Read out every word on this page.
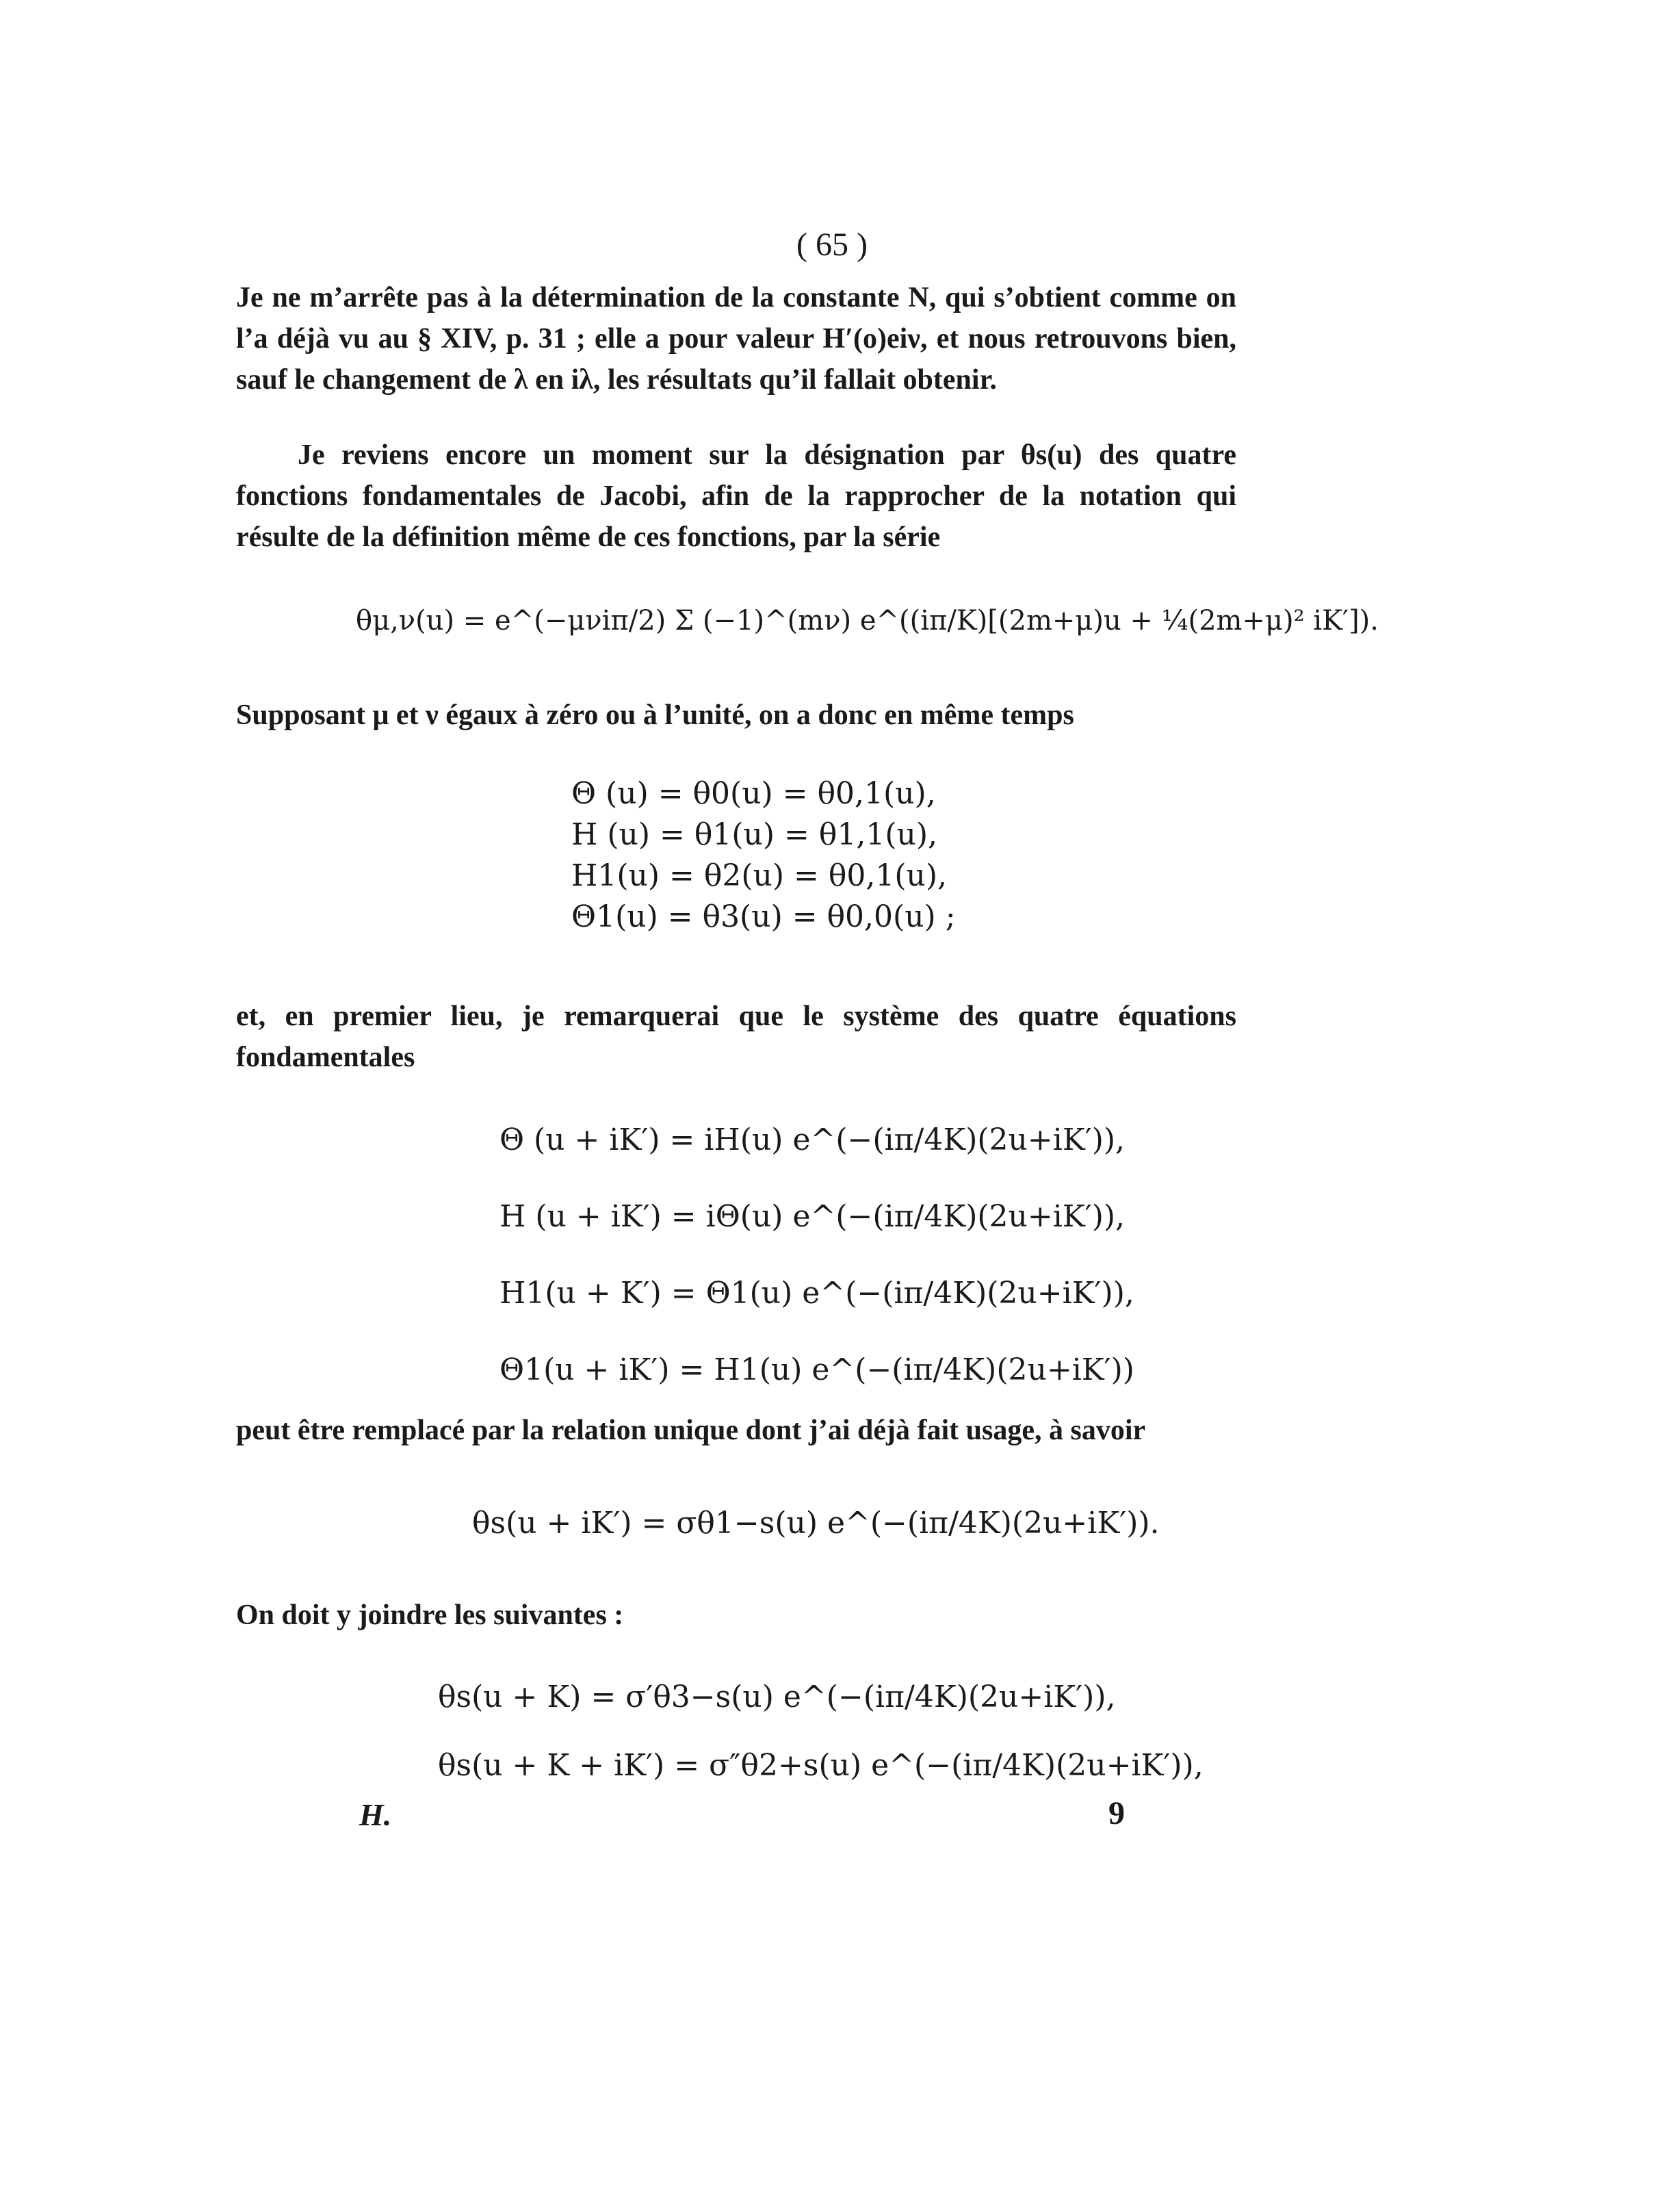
( 65 )
Je ne m’arrête pas à la détermination de la constante N, qui s’obtient comme on l’a déjà vu au § XIV, p. 31 ; elle a pour valeur H′(o)eiν, et nous retrouvons bien, sauf le changement de λ en iλ, les résultats qu’il fallait obtenir.
Je reviens encore un moment sur la désignation par θs(u) des quatre fonctions fondamentales de Jacobi, afin de la rapprocher de la notation qui résulte de la définition même de ces fonctions, par la série
θμ,ν(u) = e^(−μνiπ/2) Σ (−1)^(mν) e^((iπ/K)[(2m+μ)u + ¼(2m+μ)² iK′]).
Supposant μ et ν égaux à zéro ou à l’unité, on a donc en même temps
Θ (u) = θ0(u) = θ0,1(u),
H (u) = θ1(u) = θ1,1(u),
H1(u) = θ2(u) = θ0,1(u),
Θ1(u) = θ3(u) = θ0,0(u) ;
et, en premier lieu, je remarquerai que le système des quatre équations fondamentales
Θ (u + iK′) = iH(u) e^(−(iπ/4K)(2u+iK′)),
H (u + iK′) = iΘ(u) e^(−(iπ/4K)(2u+iK′)),
H1(u + K′) = Θ1(u) e^(−(iπ/4K)(2u+iK′)),
Θ1(u + iK′) = H1(u) e^(−(iπ/4K)(2u+iK′))
peut être remplacé par la relation unique dont j’ai déjà fait usage, à savoir
θs(u + iK′) = σθ1−s(u) e^(−(iπ/4K)(2u+iK′)).
On doit y joindre les suivantes :
θs(u + K) = σ′θ3−s(u) e^(−(iπ/4K)(2u+iK′)),
θs(u + K + iK′) = σ″θ2+s(u) e^(−(iπ/4K)(2u+iK′)),
H.	9
